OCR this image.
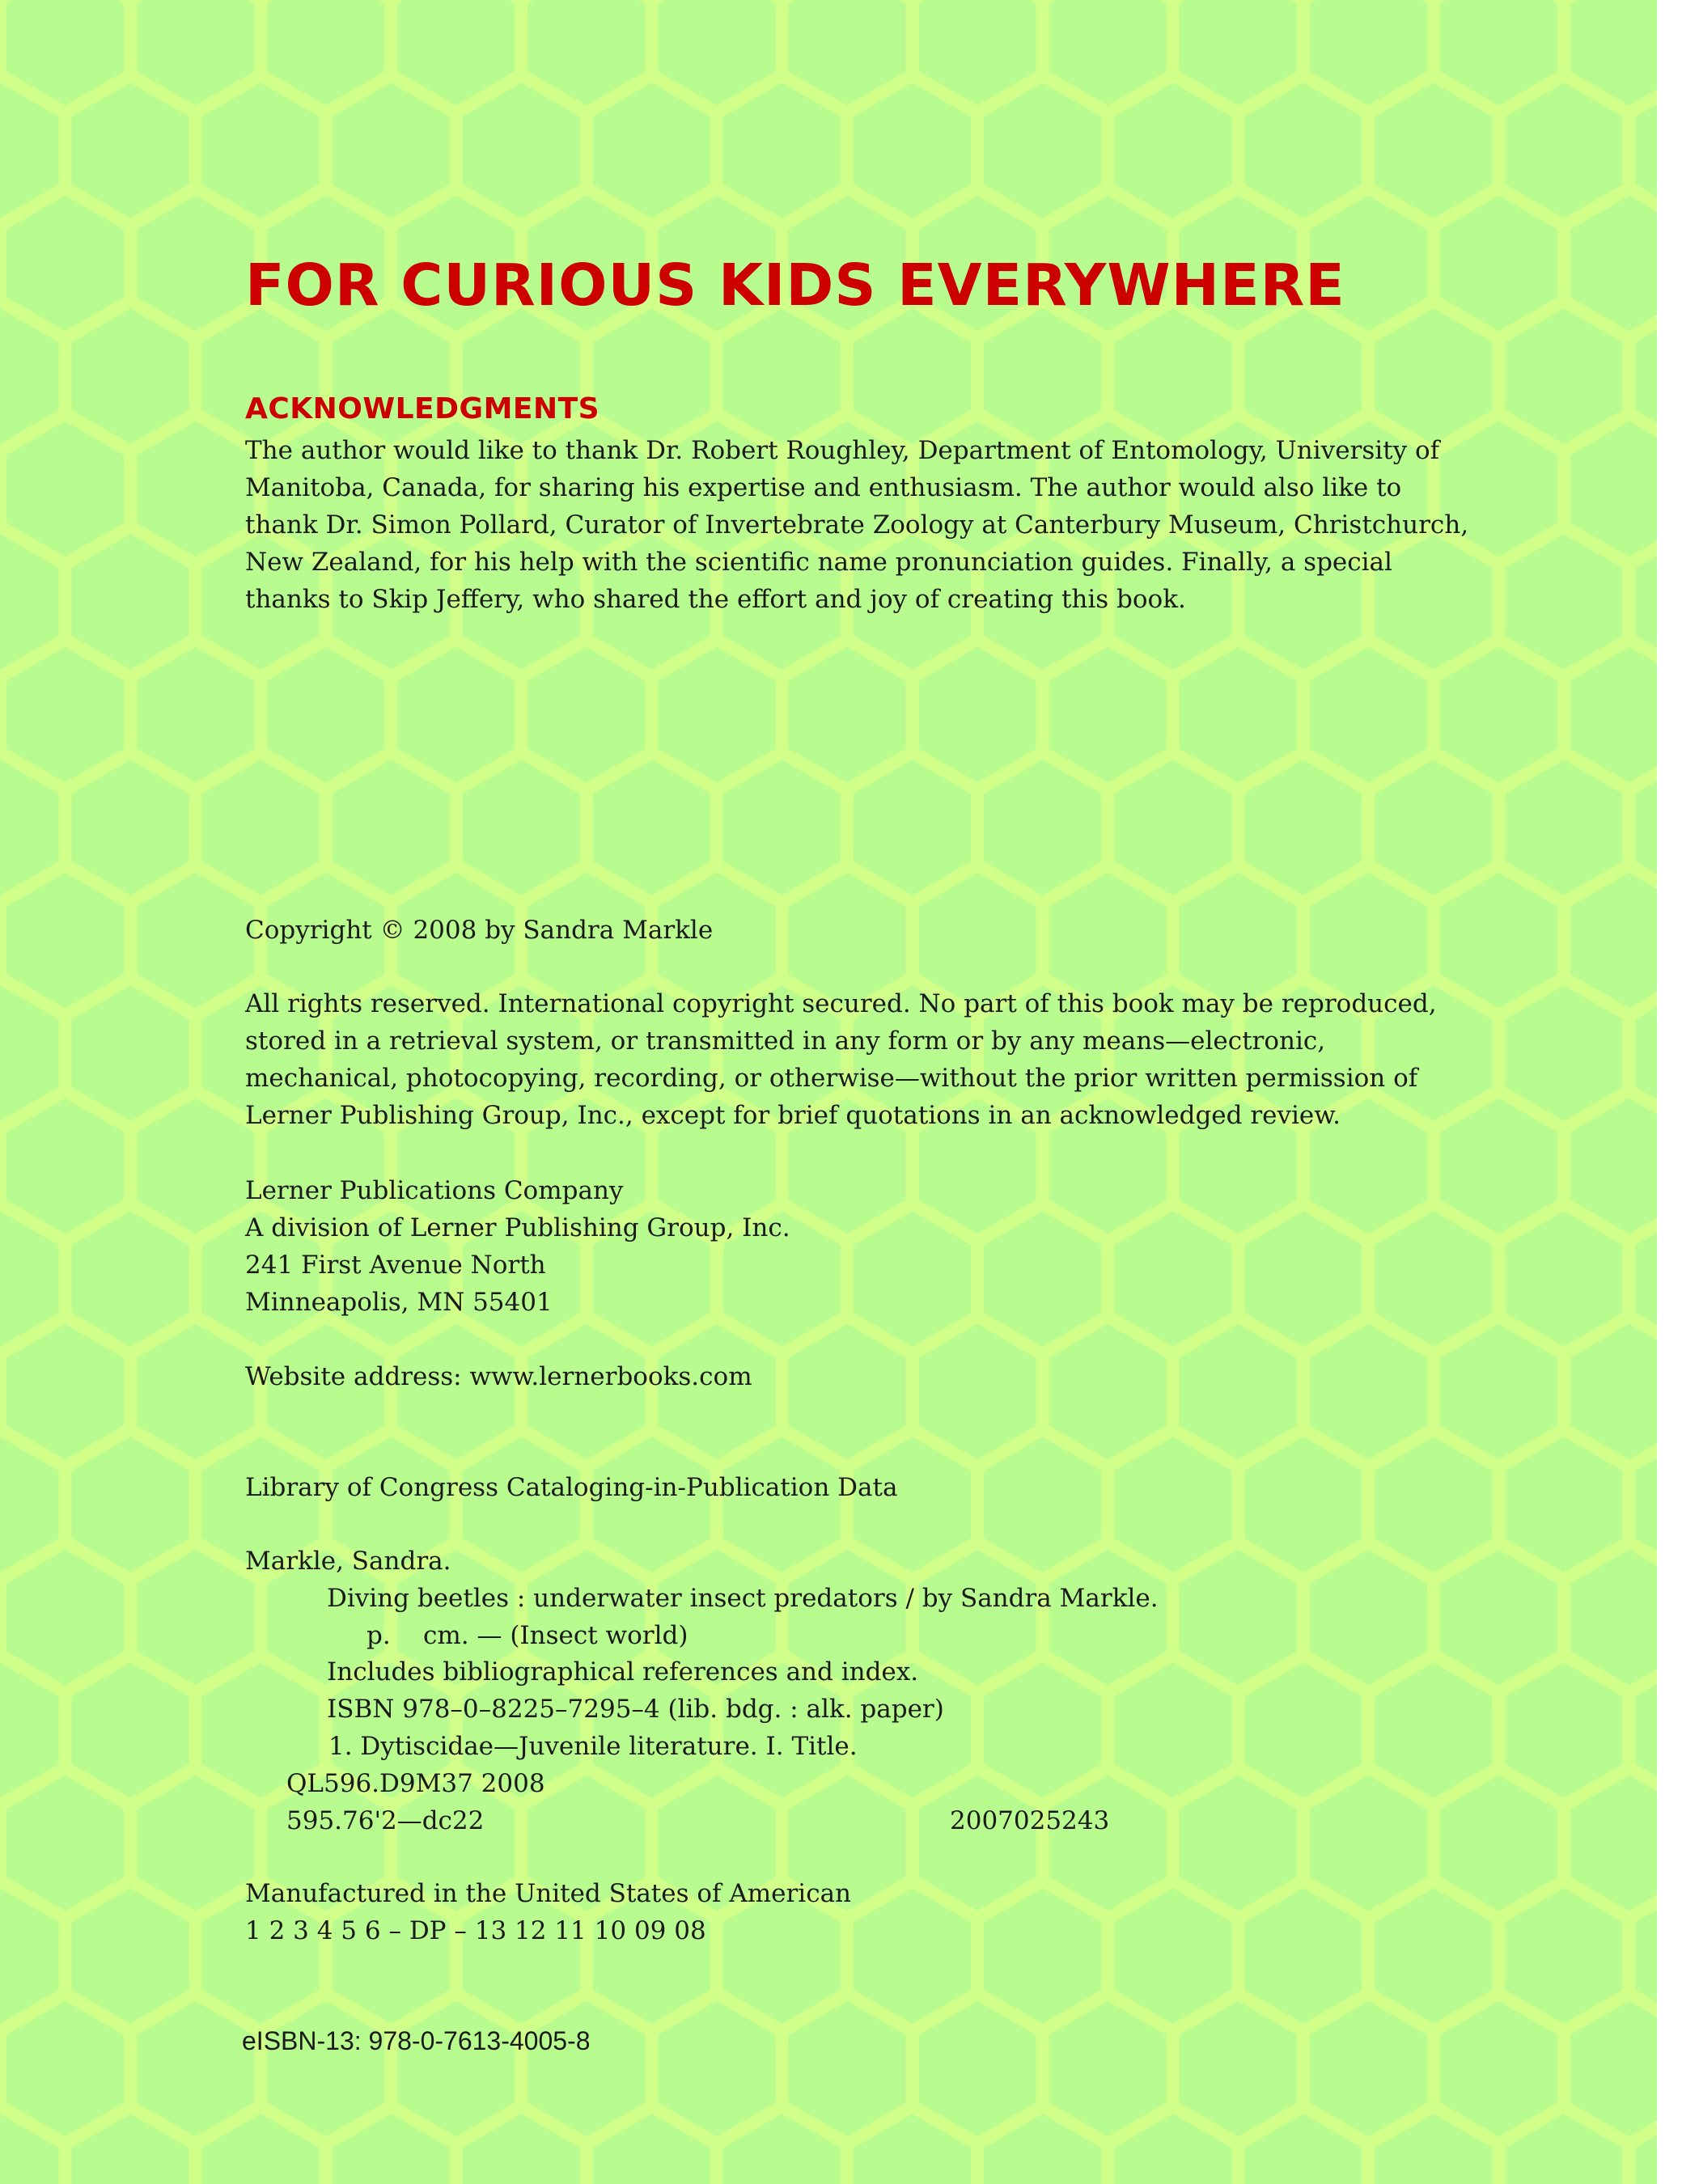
FOR CURIOUS KIDS EVERYWHERE
ACKNOWLEDGMENTS
The author would like to thank Dr. Robert Roughley, Department of Entomology, University of
Manitoba, Canada, for sharing his expertise and enthusiasm. The author would also like to
thank Dr. Simon Pollard, Curator of Invertebrate Zoology at Canterbury Museum, Christchurch,
New Zealand, for his help with the scientific name pronunciation guides. Finally, a special
thanks to Skip Jeffery, who shared the effort and joy of creating this book.
Copyright © 2008 by Sandra Markle
All rights reserved. International copyright secured. No part of this book may be reproduced,
stored in a retrieval system, or transmitted in any form or by any means—electronic,
mechanical, photocopying, recording, or otherwise—without the prior written permission of
Lerner Publishing Group, Inc., except for brief quotations in an acknowledged review.
Lerner Publications Company
A division of Lerner Publishing Group, Inc.
241 First Avenue North
Minneapolis, MN 55401
Website address: www.lernerbooks.com
Library of Congress Cataloging-in-Publication Data
Markle, Sandra.
Diving beetles : underwater insect predators / by Sandra Markle.
p. cm. — (Insect world)
Includes bibliographical references and index.
ISBN 978–0–8225–7295–4 (lib. bdg. : alk. paper)
1. Dytiscidae—Juvenile literature. I. Title.
QL596.D9M37 2008
595.76'2—dc22	2007025243
Manufactured in the United States of American
1 2 3 4 5 6 – DP – 13 12 11 10 09 08
eISBN-13: 978-0-7613-4005-8
